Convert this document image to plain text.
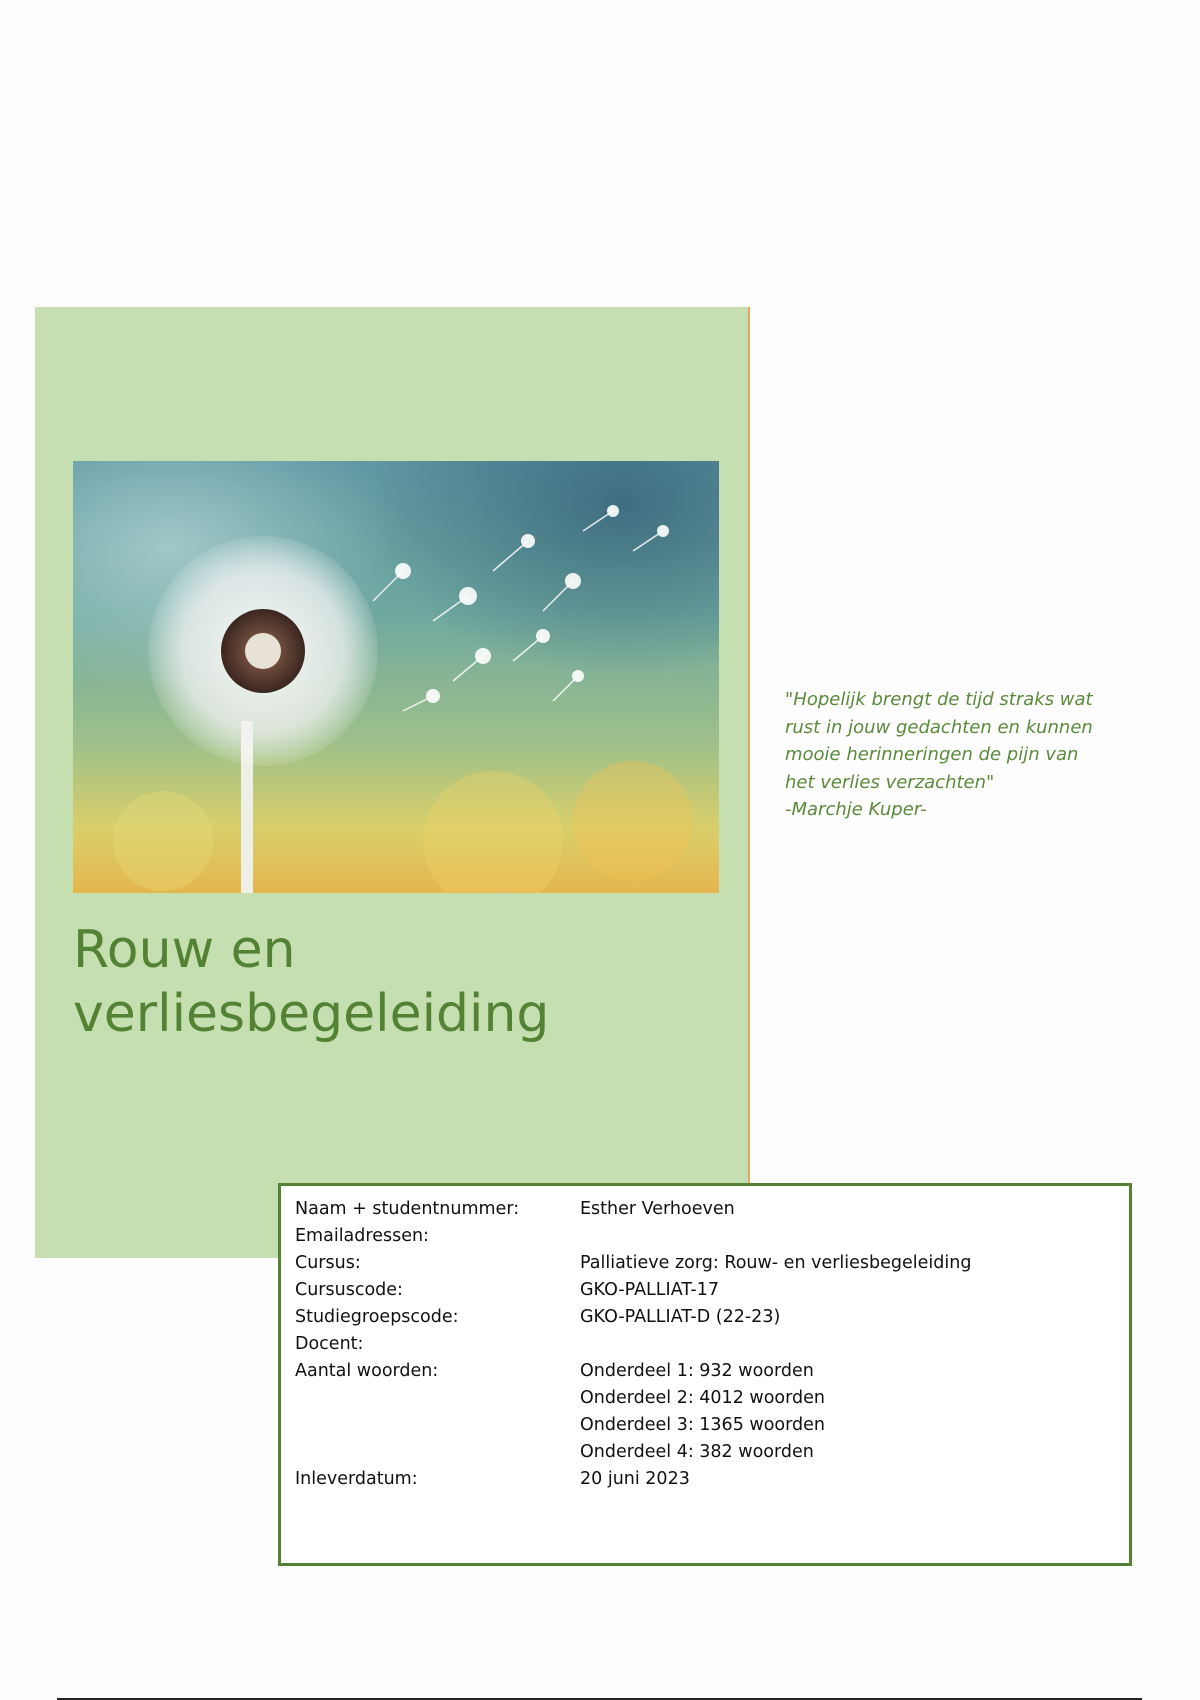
Rouw en
verliesbegeleiding
"Hopelijk brengt de tijd straks wat
rust in jouw gedachten en kunnen
mooie herinneringen de pijn van
het verlies verzachten"
-Marchje Kuper-
Naam + studentnummer:	Esther Verhoeven
Emailadressen:
Cursus:	Palliatieve zorg: Rouw- en verliesbegeleiding
Cursuscode:	GKO-PALLIAT-17
Studiegroepscode:	GKO-PALLIAT-D (22-23)
Docent:
Aantal woorden:	Onderdeel 1: 932 woorden
Onderdeel 2: 4012 woorden
Onderdeel 3: 1365 woorden
Onderdeel 4: 382 woorden
Inleverdatum:	20 juni 2023
